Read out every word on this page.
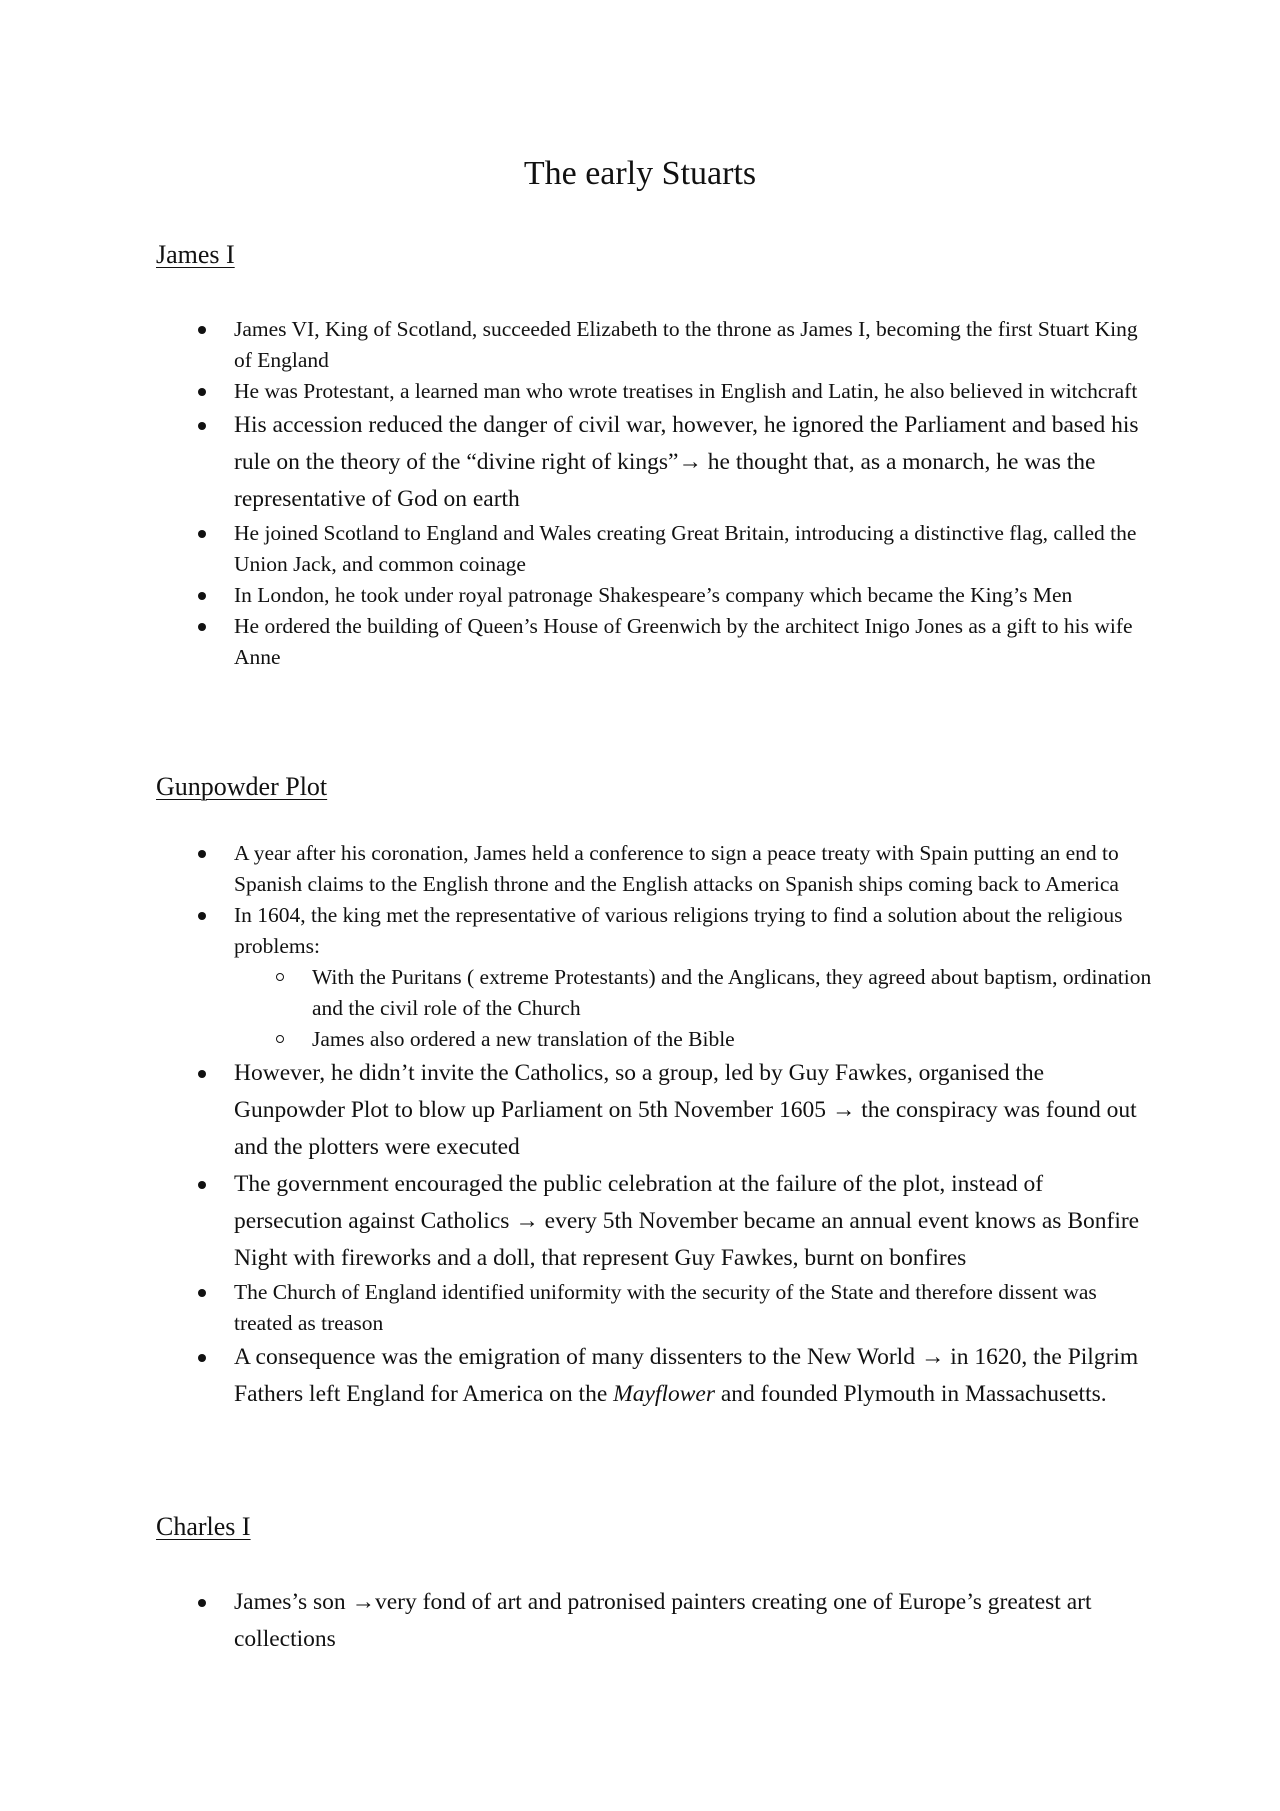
The early Stuarts
James I
James VI, King of Scotland, succeeded Elizabeth to the throne as James I, becoming the first Stuart King of England
He was Protestant, a learned man who wrote treatises in English and Latin, he also believed in witchcraft
His accession reduced the danger of civil war, however, he ignored the Parliament and based his rule on the theory of the “divine right of kings”→ he thought that, as a monarch, he was the representative of God on earth
He joined Scotland to England and Wales creating Great Britain, introducing a distinctive flag, called the Union Jack, and common coinage
In London, he took under royal patronage Shakespeare’s company which became the King’s Men
He ordered the building of Queen’s House of Greenwich by the architect Inigo Jones as a gift to his wife Anne
Gunpowder Plot
A year after his coronation, James held a conference to sign a peace treaty with Spain putting an end to Spanish claims to the English throne and the English attacks on Spanish ships coming back to America
In 1604, the king met the representative of various religions trying to find a solution about the religious problems:
With the Puritans ( extreme Protestants) and the Anglicans, they agreed about baptism, ordination and the civil role of the Church
James also ordered a new translation of the Bible
However, he didn’t invite the Catholics, so a group, led by Guy Fawkes, organised the Gunpowder Plot to blow up Parliament on 5th November 1605 → the conspiracy was found out and the plotters were executed
The government encouraged the public celebration at the failure of the plot, instead of persecution against Catholics → every 5th November became an annual event knows as Bonfire Night with fireworks and a doll, that represent Guy Fawkes, burnt on bonfires
The Church of England identified uniformity with the security of the State and therefore dissent was treated as treason
A consequence was the emigration of many dissenters to the New World → in 1620, the Pilgrim Fathers left England for America on the Mayflower and founded Plymouth in Massachusetts.
Charles I
James’s son →very fond of art and patronised painters creating one of Europe’s greatest art collections
